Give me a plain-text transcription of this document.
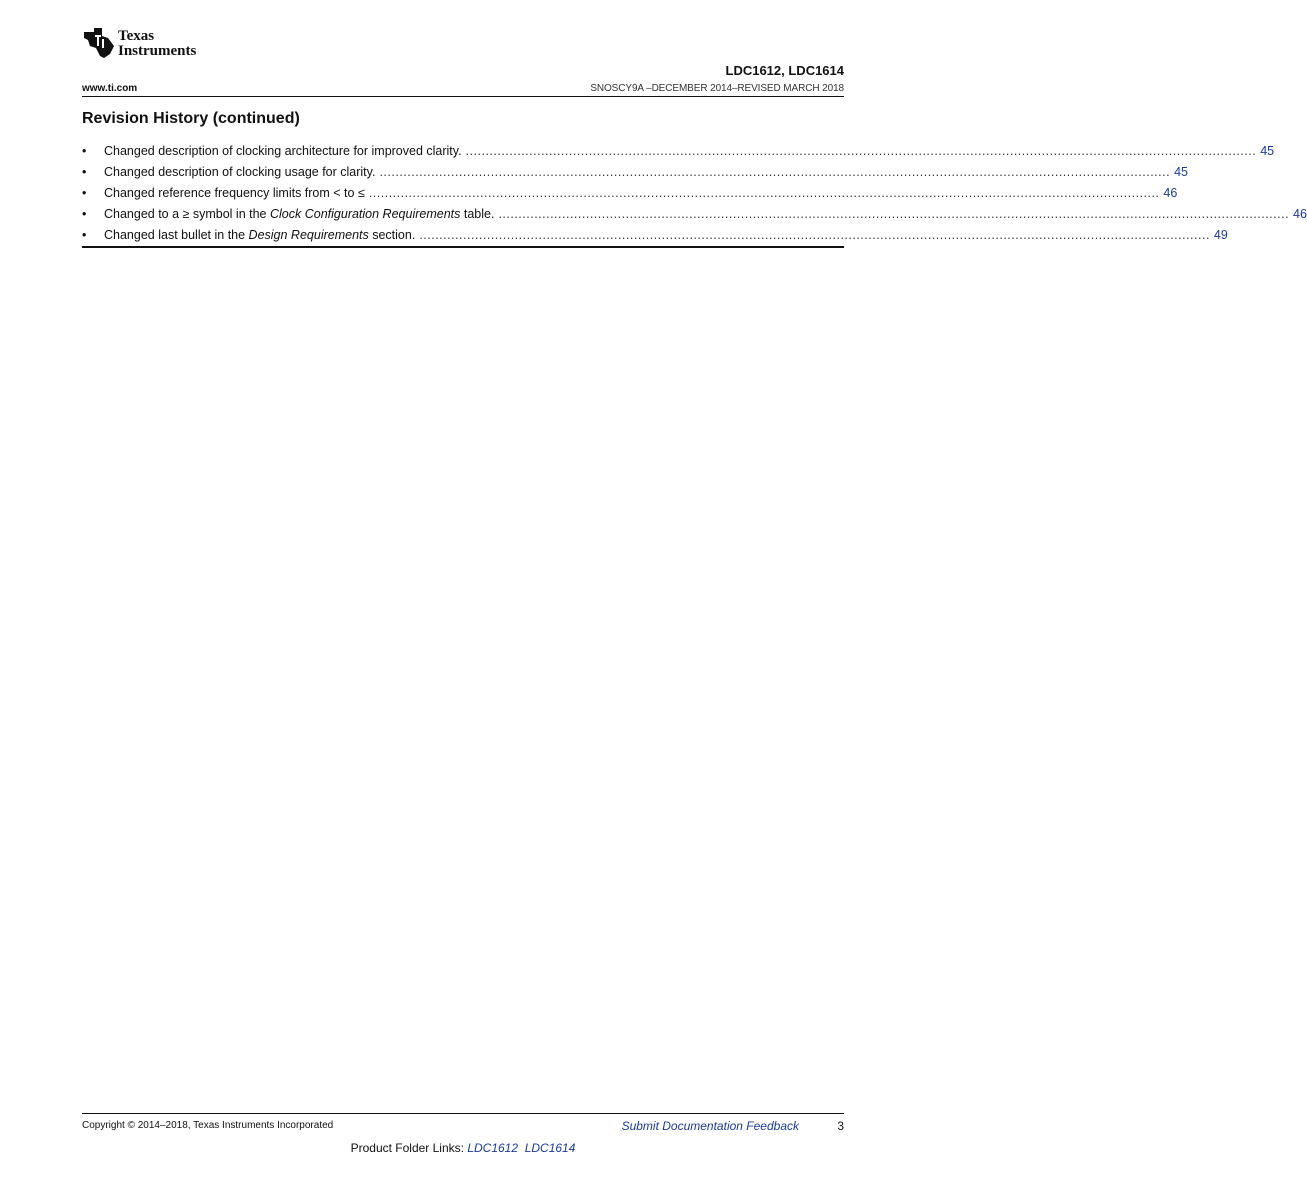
Texas
Instruments
LDC1612, LDC1614
www.ti.com	SNOSCY9A –DECEMBER 2014–REVISED MARCH 2018
Revision History (continued)
•	Changed description of clocking architecture for improved clarity. ....................................................................................................................................................................................................... 45
•	Changed description of clocking usage for clarity. ....................................................................................................................................................................................................... 45
•	Changed reference frequency limits from < to ≤ ....................................................................................................................................................................................................... 46
•	Changed to a ≥ symbol in the Clock Configuration Requirements table. ....................................................................................................................................................................................................... 46
•	Changed last bullet in the Design Requirements section. ....................................................................................................................................................................................................... 49
Copyright © 2014–2018, Texas Instruments Incorporated	Submit Documentation Feedback	3
Product Folder Links: LDC1612 LDC1614
